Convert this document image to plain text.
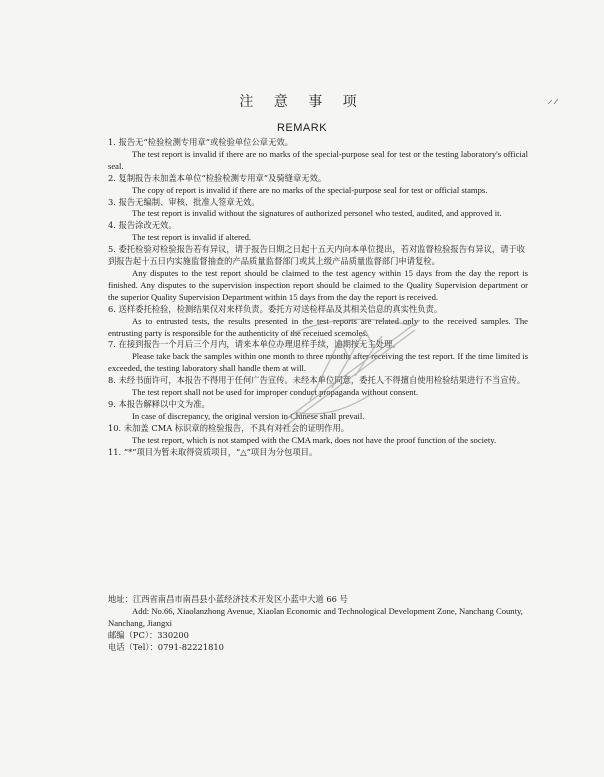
注 意 事 项
REMARK

1. 报告无“检验检测专用章”或检验单位公章无效。

The test report is invalid if there are no marks of the special-purpose seal for test or the testing laboratory's official seal.

2. 复制报告未加盖本单位“检验检测专用章”及骑缝章无效。

The copy of report is invalid if there are no marks of the special-purpose seal for test or official stamps.

3. 报告无编制、审核、批准人签章无效。

The test report is invalid without the signatures of authorized personel who tested, audited, and approved it.

4. 报告涂改无效。

The test report is invalid if altered.

5. 委托检验对检验报告若有异议，请于报告日期之日起十五天内向本单位提出，若对监督检验报告有异议，请于收到报告起十五日内实施监督抽查的产品质量监督部门或其上级产品质量监督部门申请复检。

Any disputes to the test report should be claimed to the test agency within 15 days from the day the report is finished. Any disputes to the supervision inspection report should be claimed to the Quality Supervision department or the superior Quality Supervision Department within 15 days from the day the report is received.

6. 送样委托检验，检测结果仅对来样负责。委托方对送检样品及其相关信息的真实性负责。

As to entrusted tests, the results presented in the test reports are related only to the received samples. The entrusting party is responsible for the authenticity of the receiued scemoles.

7. 在接到报告一个月后三个月内，请来本单位办理退样手续，逾期按无主处理。

Please take back the samples within one month to three months after receiving the test report. If the time limited is exceeded, the testing laboratory shall handle them at will.

8. 未经书面许可，本报告不得用于任何广告宣传。未经本单位同意，委托人不得擅自使用检验结果进行不当宣传。

The test report shall not be used for improper conduct propaganda without consent.

9. 本报告解释以中文为准。

In case of discrepancy, the original version in Chinese shall prevail.

10. 未加盖 CMA 标识章的检验报告，不具有对社会的证明作用。

The test report, which is not stamped with the CMA mark, does not have the proof function of the society.

11. “*”项目为暂未取得资质项目，“△”项目为分包项目。

地址：江西省南昌市南昌县小蓝经济技术开发区小蓝中大道 66 号

Add: No.66, Xiaolanzhong Avenue, Xiaolan Economic and Technological Development Zone, Nanchang County, Nanchang, Jiangxi

邮编（PC）：330200

电话（Tel）：0791-82221810
